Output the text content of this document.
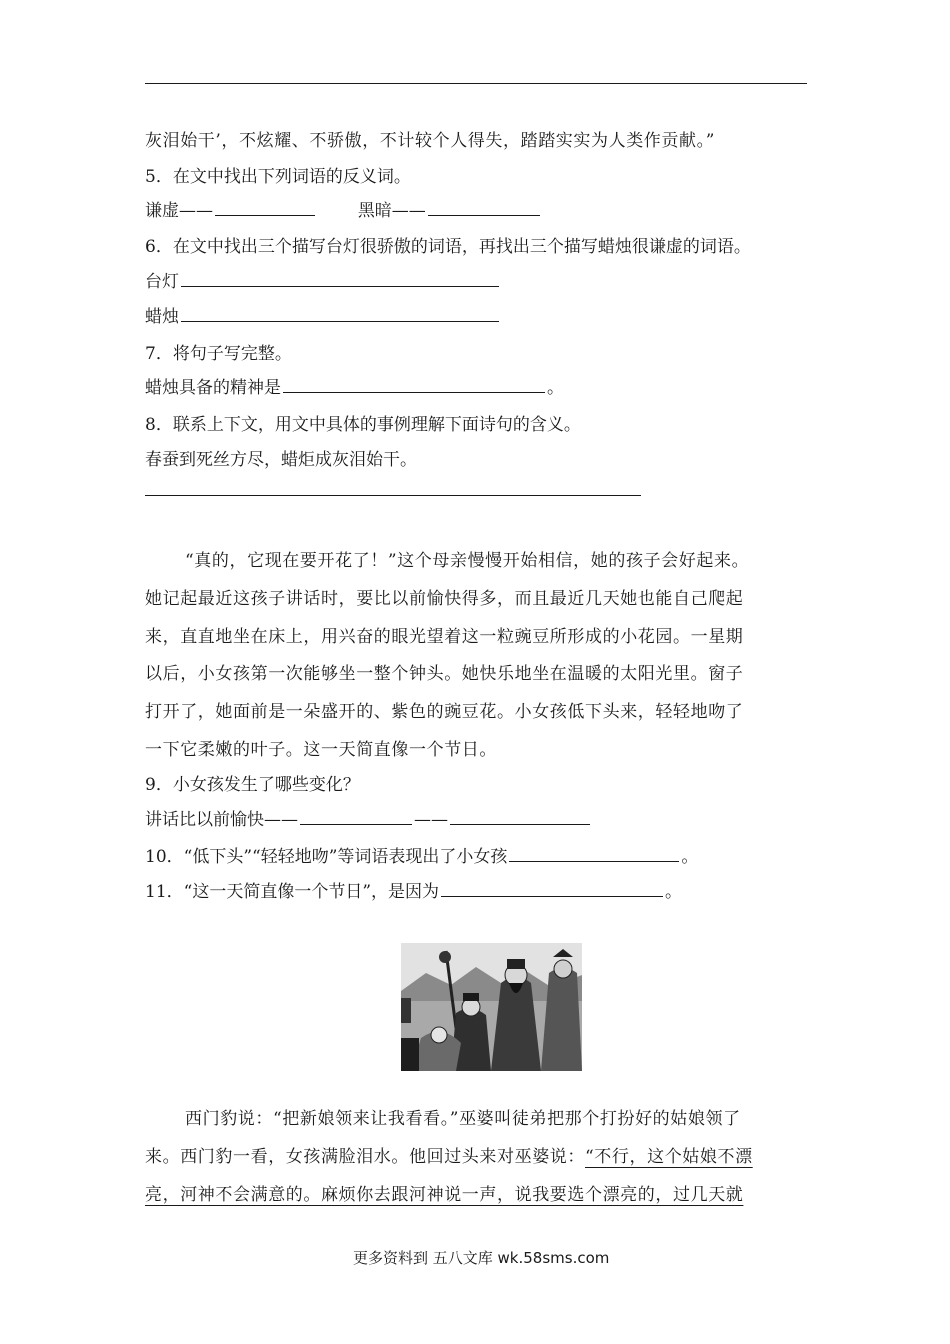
灰泪始干’，不炫耀、不骄傲，不计较个人得失，踏踏实实为人类作贡献。”
5．在文中找出下列词语的反义词。
谦虚——	黑暗——
6．在文中找出三个描写台灯很骄傲的词语，再找出三个描写蜡烛很谦虚的词语。
台灯
蜡烛
7．将句子写完整。
蜡烛具备的精神是	。
8．联系上下文，用文中具体的事例理解下面诗句的含义。
春蚕到死丝方尽，蜡炬成灰泪始干。
“真的，它现在要开花了！”这个母亲慢慢开始相信，她的孩子会好起来。
她记起最近这孩子讲话时，要比以前愉快得多，而且最近几天她也能自己爬起
来，直直地坐在床上，用兴奋的眼光望着这一粒豌豆所形成的小花园。一星期
以后，小女孩第一次能够坐一整个钟头。她快乐地坐在温暖的太阳光里。窗子
打开了，她面前是一朵盛开的、紫色的豌豆花。小女孩低下头来，轻轻地吻了
一下它柔嫩的叶子。这一天简直像一个节日。
9．小女孩发生了哪些变化？
讲话比以前愉快——	——
10．“低下头”“轻轻地吻”等词语表现出了小女孩	。
11．“这一天简直像一个节日”，是因为	。
西门豹说：“把新娘领来让我看看。”巫婆叫徒弟把那个打扮好的姑娘领了
来。西门豹一看，女孩满脸泪水。他回过头来对巫婆说：“不行，这个姑娘不漂
亮，河神不会满意的。麻烦你去跟河神说一声，说我要选个漂亮的，过几天就
更多资料到 五八文库 wk.58sms.com
